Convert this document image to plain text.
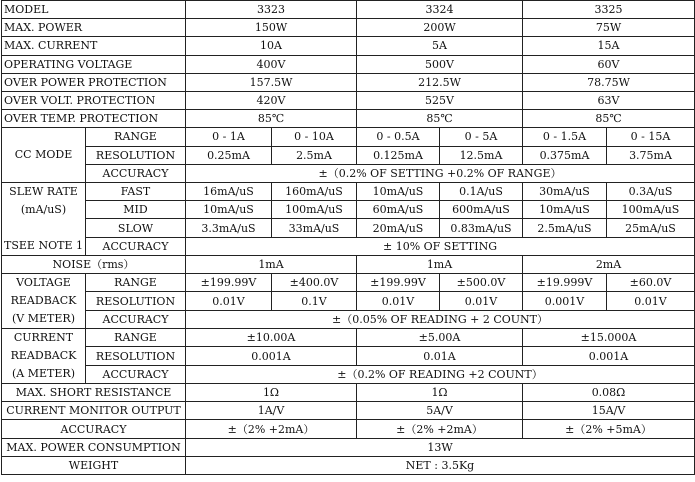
MODEL		3323		3324		3325	
MAX. POWER		150W		200W		75W	
MAX. CURRENT		10A		5A		15A	
OPERATING VOLTAGE		400V		500V		60V	
OVER POWER PROTECTION		157.5W		212.5W		78.75W	
OVER VOLT. PROTECTION		420V		525V		63V	
OVER TEMP. PROTECTION		85℃		85℃		85℃	
CC MODE	RANGE	0 - 1A	0 - 10A	0 - 0.5A	0 - 5A	0 - 1.5A	0 - 15A
	RESOLUTION	0.25mA	2.5mA	0.125mA	12.5mA	0.375mA	3.75mA
	ACCURACY	±（0.2% OF SETTING +0.2% OF RANGE）					

SLEW RATE
(mA/uS)
TSEE NOTE 1	FAST	16mA/uS	160mA/uS	10mA/uS	0.1A/uS	30mA/uS	0.3A/uS
	MID	10mA/uS	100mA/uS	60mA/uS	600mA/uS	10mA/uS	100mA/uS
	SLOW	3.3mA/uS	33mA/uS	20mA/uS	0.83mA/uS	2.5mA/uS	25mA/uS
	ACCURACY	± 10% OF SETTING					
NOISE（rms）		1mA		1mA		2mA	

VOLTAGE
READBACK
(V METER)	RANGE	±199.99V	±400.0V	±199.99V	±500.0V	±19.999V	±60.0V
	RESOLUTION	0.01V	0.1V	0.01V	0.01V	0.001V	0.01V
	ACCURACY	±（0.05% OF READING + 2 COUNT）					

CURRENT
READBACK
(A METER)	RANGE	±10.00A		±5.00A		±15.000A	
	RESOLUTION	0.001A		0.01A		0.001A	
	ACCURACY	±（0.2% OF READING +2 COUNT）					
MAX. SHORT RESISTANCE		1Ω		1Ω		0.08Ω	
CURRENT MONITOR OUTPUT		1A/V		5A/V		15A/V	
ACCURACY		±（2% +2mA）		±（2% +2mA）		±（2% +5mA）	
MAX. POWER CONSUMPTION		13W					
WEIGHT		NET : 3.5Kg					
